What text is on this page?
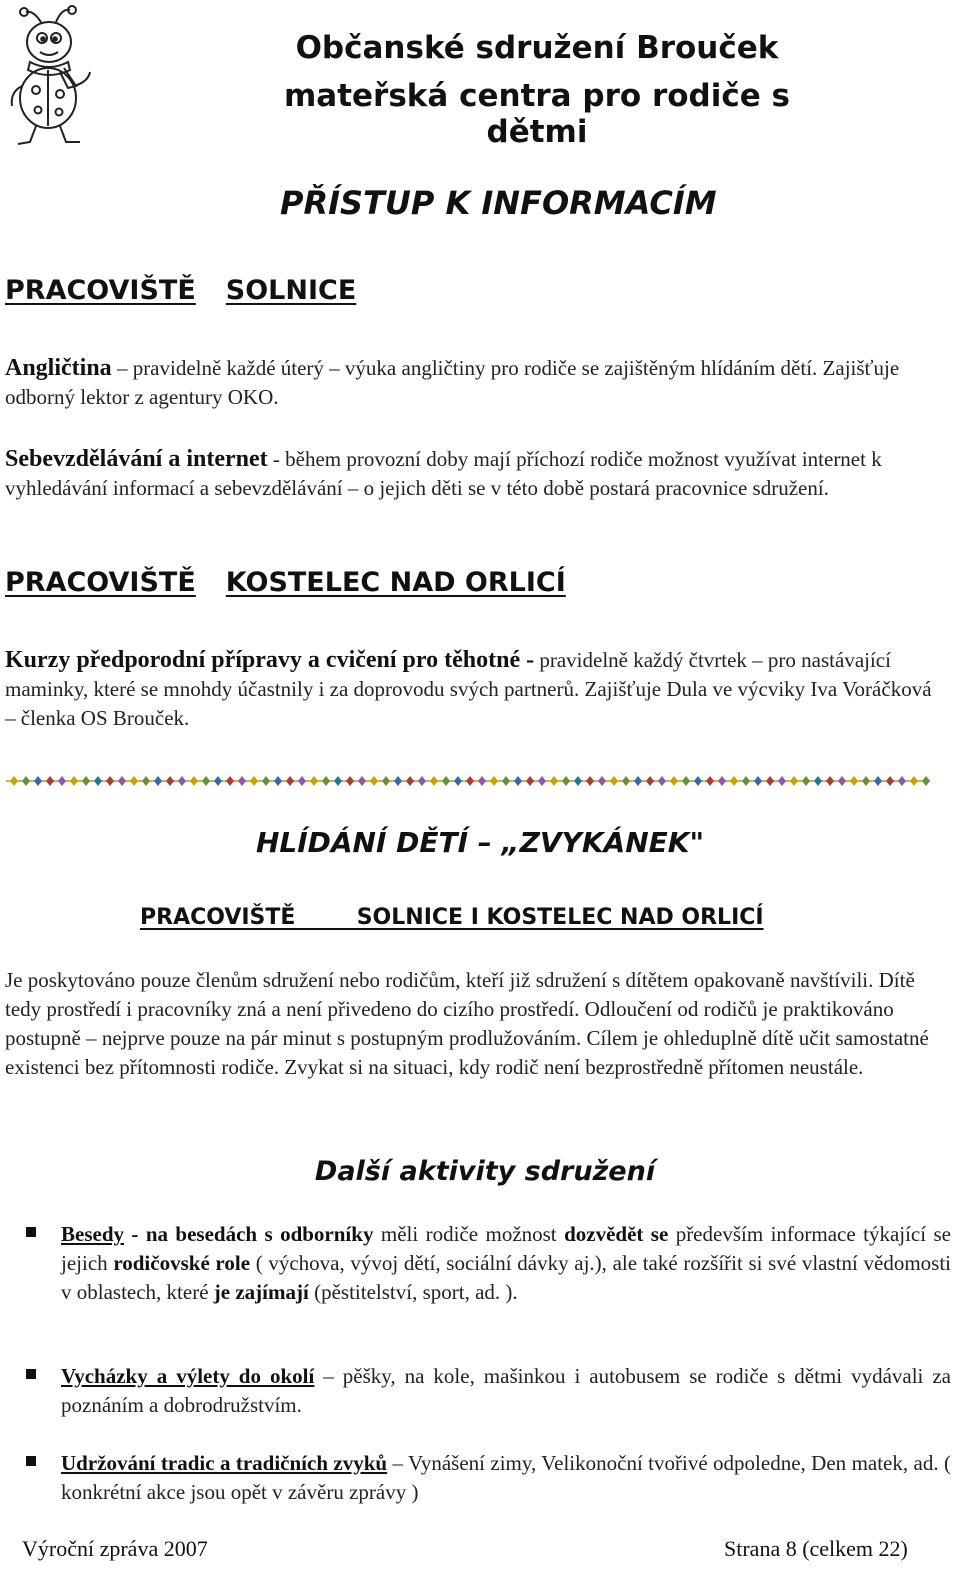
Občanské sdružení Brouček
mateřská centra pro rodiče s dětmi
PŘÍSTUP K INFORMACÍM
PRACOVIŠTĚ SOLNICE
Angličtina – pravidelně každé úterý – výuka angličtiny pro rodiče se zajištěným hlídáním dětí. Zajišťuje odborný lektor z agentury OKO.
Sebevzdělávání a internet - během provozní doby mají příchozí rodiče možnost využívat internet k vyhledávání informací a sebevzdělávání – o jejich děti se v této době postará pracovnice sdružení.
PRACOVIŠTĚ KOSTELEC NAD ORLICÍ
Kurzy předporodní přípravy a cvičení pro těhotné - pravidelně každý čtvrtek – pro nastávající maminky, které se mnohdy účastnily i za doprovodu svých partnerů. Zajišťuje Dula ve výcviky Iva Voráčková – členka OS Brouček.
HLÍDÁNÍ DĚTÍ – „ZVYKÁNEK"
PRACOVIŠTĚ        SOLNICE I KOSTELEC NAD ORLICÍ
Je poskytováno pouze členům sdružení nebo rodičům, kteří již sdružení s dítětem opakovaně navštívili. Dítě tedy prostředí i pracovníky zná a není přivedeno do cizího prostředí. Odloučení od rodičů je praktikováno postupně – nejprve pouze na pár minut s postupným prodlužováním. Cílem je ohleduplně dítě učit samostatné existenci bez přítomnosti rodiče. Zvykat si na situaci, kdy rodič není bezprostředně přítomen neustále.
Další aktivity sdružení
Besedy - na besedách s odborníky měli rodiče možnost dozvědět se především informace týkající se jejich rodičovské role ( výchova, vývoj dětí, sociální dávky aj.), ale také rozšířit si své vlastní vědomosti v oblastech, které je zajímají (pěstitelství, sport, ad. ).
Vycházky a výlety do okolí – pěšky, na kole, mašinkou i autobusem se rodiče s dětmi vydávali za poznáním a dobrodružstvím.
Udržování tradic a tradičních zvyků – Vynášení zimy, Velikonoční tvořivé odpoledne, Den matek, ad. ( konkrétní akce jsou opět v závěru zprávy )
Výroční zpráva 2007	Strana 8 (celkem 22)
